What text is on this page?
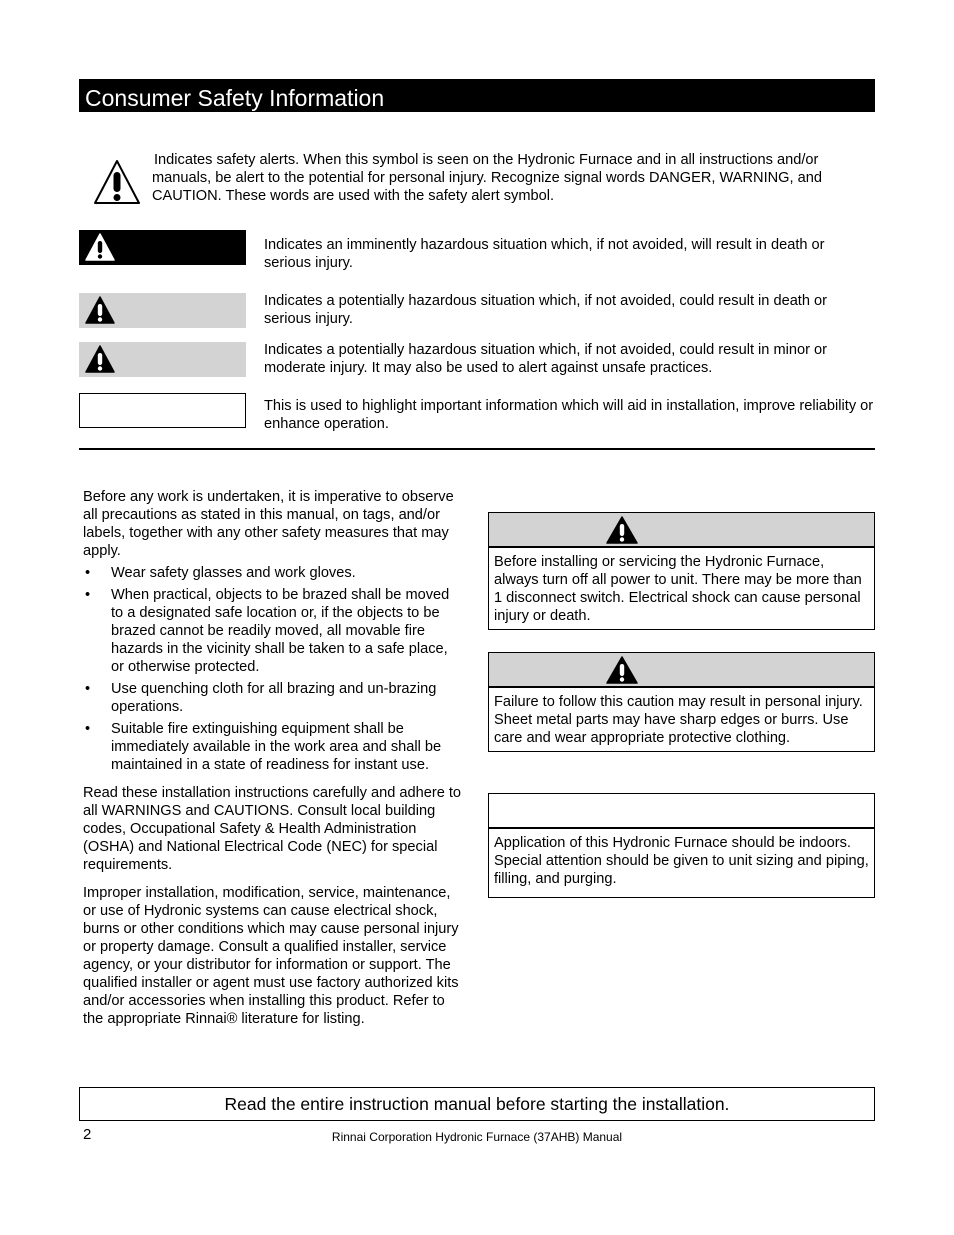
Consumer Safety Information
Indicates safety alerts. When this symbol is seen on the Hydronic Furnace and in all instructions and/or manuals, be alert to the potential for personal injury. Recognize signal words DANGER, WARNING, and CAUTION. These words are used with the safety alert symbol.
Indicates an imminently hazardous situation which, if not avoided, will result in death or serious injury.
Indicates a potentially hazardous situation which, if not avoided, could result in death or serious injury.
Indicates a potentially hazardous situation which, if not avoided, could result in minor or moderate injury. It may also be used to alert against unsafe practices.
This is used to highlight important information which will aid in installation, improve reliability or enhance operation.

Before any work is undertaken, it is imperative to observe all precautions as stated in this manual, on tags, and/or labels, together with any other safety measures that may apply.

• Wear safety glasses and work gloves.
• When practical, objects to be brazed shall be moved to a designated safe location or, if the objects to be brazed cannot be readily moved, all movable fire hazards in the vicinity shall be taken to a safe place, or otherwise protected.
• Use quenching cloth for all brazing and un-brazing operations.
• Suitable fire extinguishing equipment shall be immediately available in the work area and shall be maintained in a state of readiness for instant use.

Read these installation instructions carefully and adhere to all WARNINGS and CAUTIONS. Consult local building codes, Occupational Safety & Health Administration (OSHA) and National Electrical Code (NEC) for special requirements.

Improper installation, modification, service, maintenance, or use of Hydronic systems can cause electrical shock, burns or other conditions which may cause personal injury or property damage. Consult a qualified installer, service agency, or your distributor for information or support. The qualified installer or agent must use factory authorized kits and/or accessories when installing this product. Refer to the appropriate Rinnai® literature for listing.

Before installing or servicing the Hydronic Furnace, always turn off all power to unit. There may be more than 1 disconnect switch. Electrical shock can cause personal injury or death.
Failure to follow this caution may result in personal injury. Sheet metal parts may have sharp edges or burrs. Use care and wear appropriate protective clothing.
Application of this Hydronic Furnace should be indoors. Special attention should be given to unit sizing and piping, filling, and purging.
Read the entire instruction manual before starting the installation.
2	Rinnai Corporation Hydronic Furnace (37AHB) Manual
